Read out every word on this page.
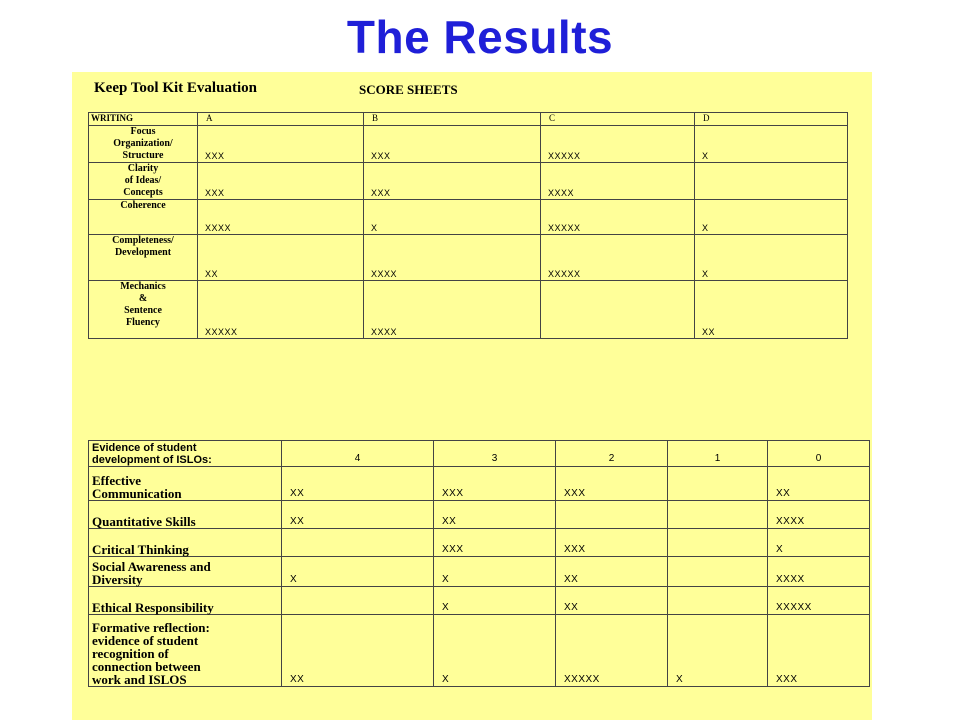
The Results
Keep Tool Kit Evaluation	SCORE SHEETS
WRITING	A	B	C	D
Focus
Organization/
Structure	XXX	XXX	XXXXX	X
Clarity
of Ideas/
Concepts	XXX	XXX	XXXX	
Coherence	XXXX	X	XXXXX	X
Completeness/
Development	XX	XXXX	XXXXX	X
Mechanics
&
Sentence
Fluency	XXXXX	XXXX		XX
Evidence of student
development of ISLOs:	4	3	2	1	0
Effective
Communication	XX	XXX	XXX		XX
Quantitative Skills	XX	XX			XXXX
Critical Thinking		XXX	XXX		X
Social Awareness and
Diversity	X	X	XX		XXXX
Ethical Responsibility		X	XX		XXXXX
Formative reflection:
evidence of student
recognition of
connection between
work and ISLOS	XX	X	XXXXX	X	XXX
